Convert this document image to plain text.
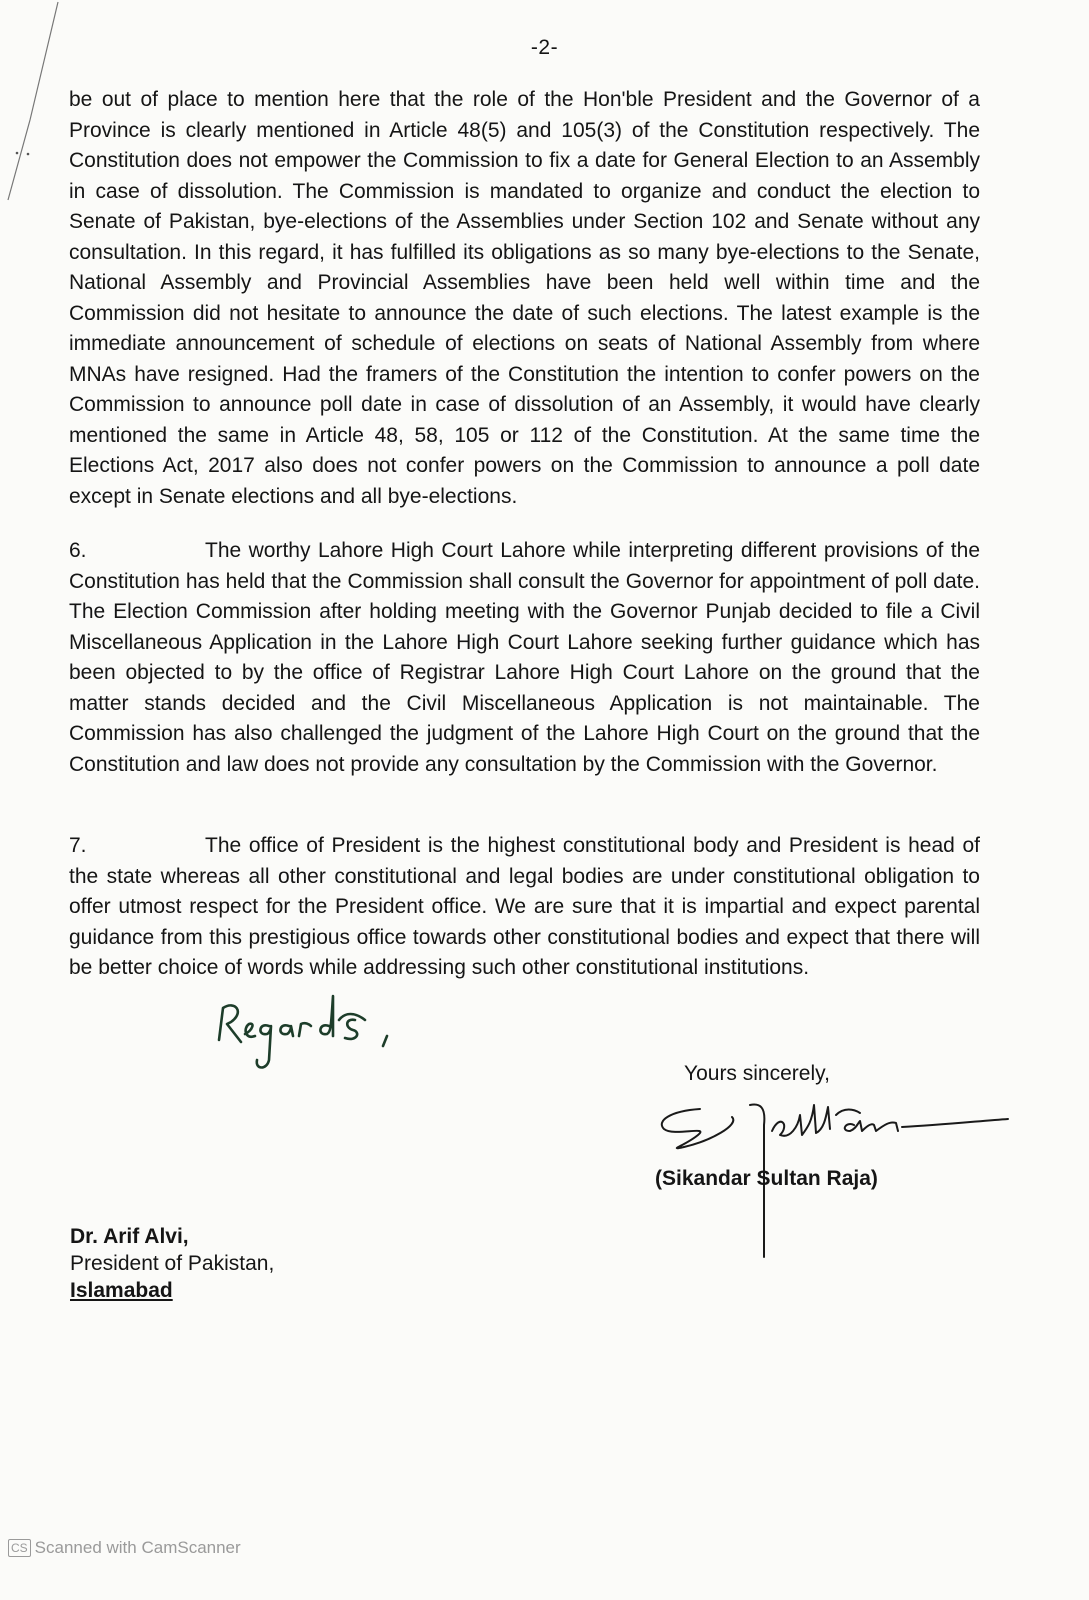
-2-

be out of place to mention here that the role of the Hon'ble President and the Governor of a Province is clearly mentioned in Article 48(5) and 105(3) of the Constitution respectively. The Constitution does not empower the Commission to fix a date for General Election to an Assembly in case of dissolution. The Commission is mandated to organize and conduct the election to Senate of Pakistan, bye-elections of the Assemblies under Section 102 and Senate without any consultation. In this regard, it has fulfilled its obligations as so many bye-elections to the Senate, National Assembly and Provincial Assemblies have been held well within time and the Commission did not hesitate to announce the date of such elections. The latest example is the immediate announcement of schedule of elections on seats of National Assembly from where MNAs have resigned. Had the framers of the Constitution the intention to confer powers on the Commission to announce poll date in case of dissolution of an Assembly, it would have clearly mentioned the same in Article 48, 58, 105 or 112 of the Constitution. At the same time the Elections Act, 2017 also does not confer powers on the Commission to announce a poll date except in Senate elections and all bye-elections.

6.	The worthy Lahore High Court Lahore while interpreting different provisions of the Constitution has held that the Commission shall consult the Governor for appointment of poll date. The Election Commission after holding meeting with the Governor Punjab decided to file a Civil Miscellaneous Application in the Lahore High Court Lahore seeking further guidance which has been objected to by the office of Registrar Lahore High Court Lahore on the ground that the matter stands decided and the Civil Miscellaneous Application is not maintainable. The Commission has also challenged the judgment of the Lahore High Court on the ground that the Constitution and law does not provide any consultation by the Commission with the Governor.

7.	The office of President is the highest constitutional body and President is head of the state whereas all other constitutional and legal bodies are under constitutional obligation to offer utmost respect for the President office. We are sure that it is impartial and expect parental guidance from this prestigious office towards other constitutional bodies and expect that there will be better choice of words while addressing such other constitutional institutions.

Yours sincerely,
(Sikandar Sultan Raja)
Dr. Arif Alvi,
President of Pakistan,
Islamabad
CS Scanned with CamScanner
